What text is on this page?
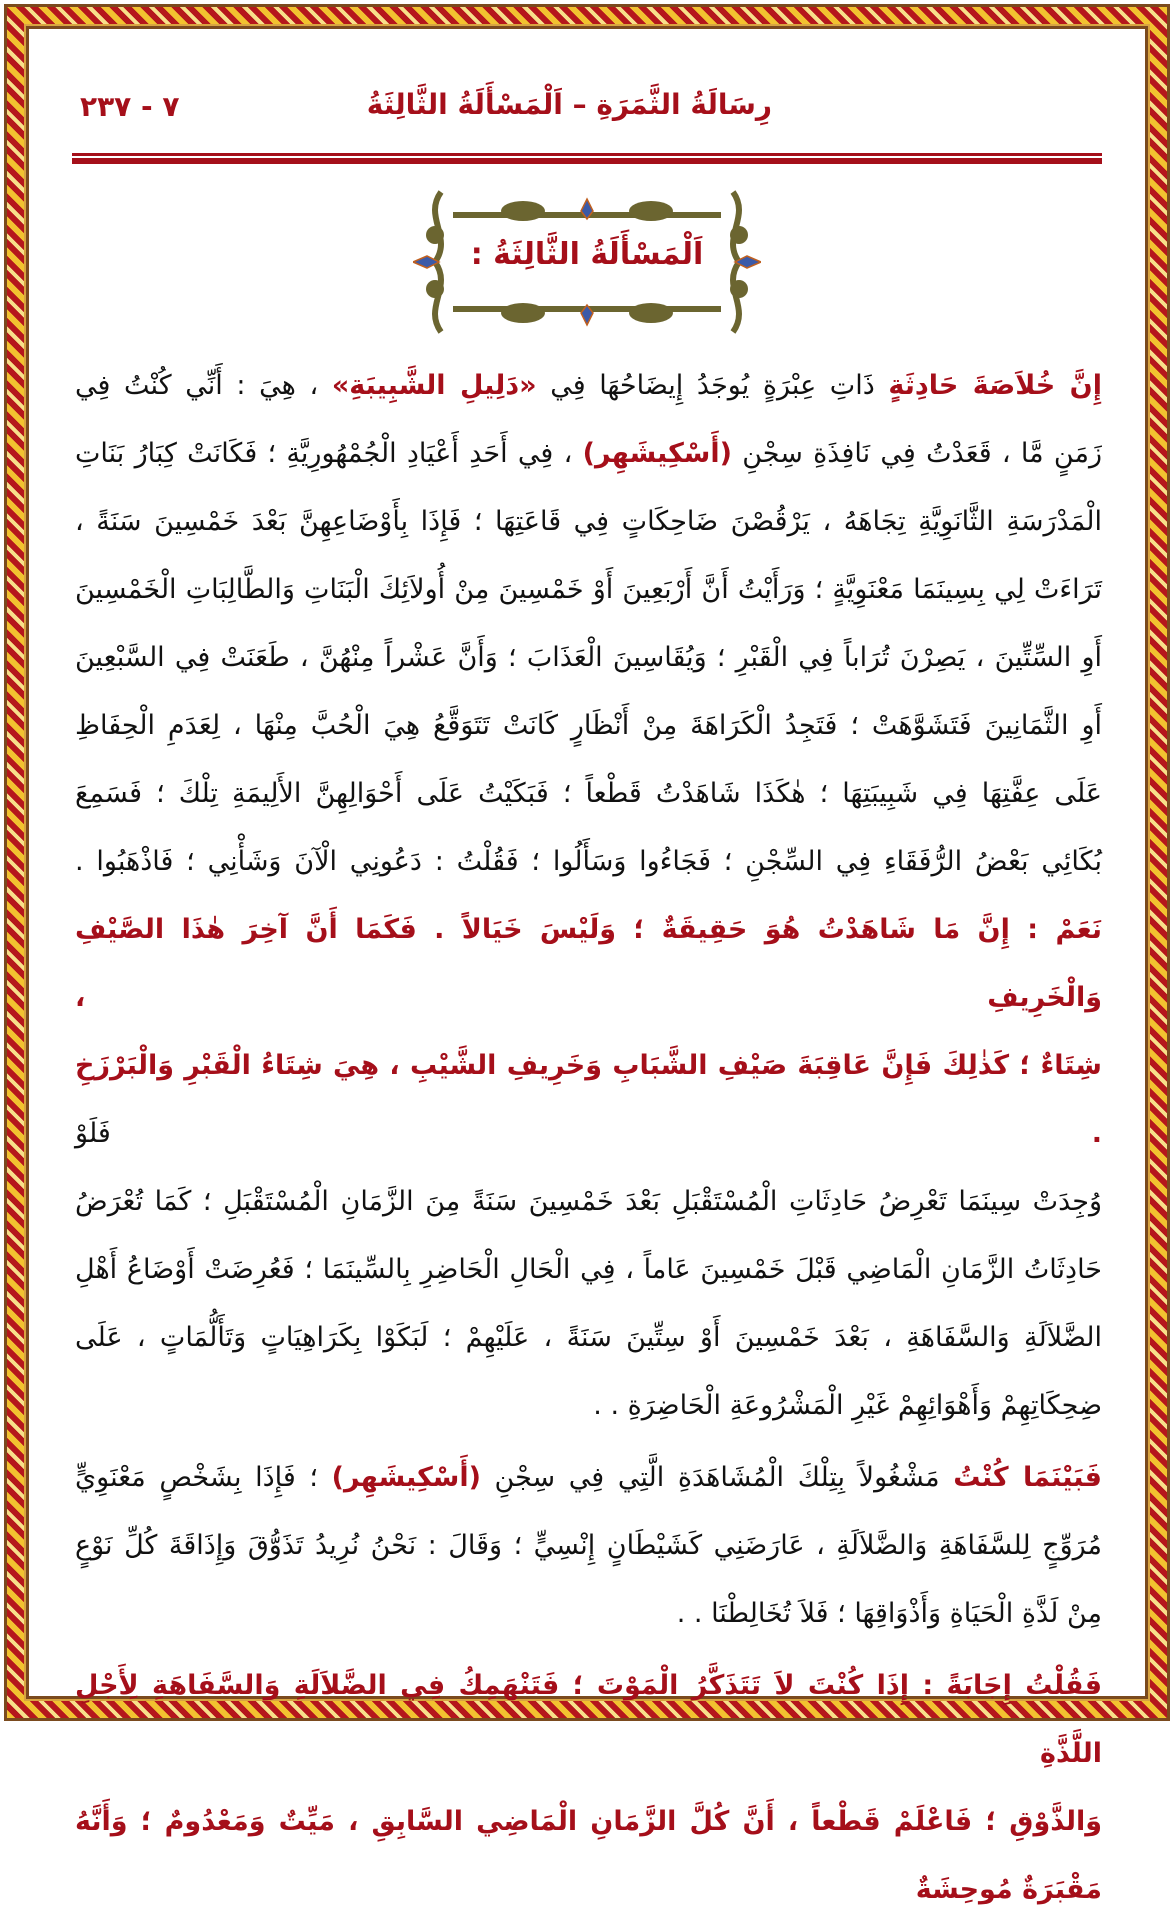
رِسَالَةُ الثَّمَرَةِ – اَلْمَسْأَلَةُ الثَّالِثَةُ
٧ - ٢٣٧
اَلْمَسْأَلَةُ الثَّالِثَةُ :
إِنَّ خُلاَصَةَ حَادِثَةٍ ذَاتِ عِبْرَةٍ يُوجَدُ إِيضَاحُهَا فِي «دَلِيلِ الشَّبِيبَةِ» ، هِيَ : أَنِّي كُنْتُ فِي
زَمَنٍ مَّا ، قَعَدْتُ فِي نَافِذَةِ سِجْنِ (أَسْكِيشَهِر) ، فِي أَحَدِ أَعْيَادِ الْجُمْهُورِيَّةِ ؛ فَكَانَتْ كِبَارُ بَنَاتِ
الْمَدْرَسَةِ الثَّانَوِيَّةِ تِجَاهَهُ ، يَرْقُصْنَ ضَاحِكَاتٍ فِي قَاعَتِهَا ؛ فَإِذَا بِأَوْضَاعِهِنَّ بَعْدَ خَمْسِينَ سَنَةً ،
تَرَاءَتْ لِي بِسِينَمَا مَعْنَوِيَّةٍ ؛ وَرَأَيْتُ أَنَّ أَرْبَعِينَ أَوْ خَمْسِينَ مِنْ أُولاَئِكَ الْبَنَاتِ وَالطَّالِبَاتِ الْخَمْسِينَ
أَوِ السِّتِّينَ ، يَصِرْنَ تُرَاباً فِي الْقَبْرِ ؛ وَيُقَاسِينَ الْعَذَابَ ؛ وَأَنَّ عَشْراً مِنْهُنَّ ، طَعَنَتْ فِي السَّبْعِينَ
أَوِ الثَّمَانِينَ فَتَشَوَّهَتْ ؛ فَتَجِدُ الْكَرَاهَةَ مِنْ أَنْظَارٍ كَانَتْ تَتَوَقَّعُ هِيَ الْحُبَّ مِنْهَا ، لِعَدَمِ الْحِفَاظِ
عَلَى عِفَّتِهَا فِي شَبِيبَتِهَا ؛ هٰكَذَا شَاهَدْتُ قَطْعاً ؛ فَبَكَيْتُ عَلَى أَحْوَالِهِنَّ الأَلِيمَةِ تِلْكَ ؛ فَسَمِعَ
بُكَائِي بَعْضُ الرُّفَقَاءِ فِي السِّجْنِ ؛ فَجَاءُوا وَسَأَلُوا ؛ فَقُلْتُ : دَعُونِي الْآنَ وَشَأْنِي ؛ فَاذْهَبُوا .
نَعَمْ : إِنَّ مَا شَاهَدْتُ هُوَ حَقِيقَةٌ ؛ وَلَيْسَ خَيَالاً . فَكَمَا أَنَّ آخِرَ هٰذَا الصَّيْفِ وَالْخَرِيفِ ،
شِتَاءٌ ؛ كَذٰلِكَ فَإِنَّ عَاقِبَةَ صَيْفِ الشَّبَابِ وَخَرِيفِ الشَّيْبِ ، هِيَ شِتَاءُ الْقَبْرِ وَالْبَرْزَخِ . فَلَوْ
وُجِدَتْ سِينَمَا تَعْرِضُ حَادِثَاتِ الْمُسْتَقْبَلِ بَعْدَ خَمْسِينَ سَنَةً مِنَ الزَّمَانِ الْمُسْتَقْبَلِ ؛ كَمَا تُعْرَضُ
حَادِثَاتُ الزَّمَانِ الْمَاضِي قَبْلَ خَمْسِينَ عَاماً ، فِي الْحَالِ الْحَاضِرِ بِالسِّينَمَا ؛ فَعُرِضَتْ أَوْضَاعُ أَهْلِ
الضَّلاَلَةِ وَالسَّفَاهَةِ ، بَعْدَ خَمْسِينَ أَوْ سِتِّينَ سَنَةً ، عَلَيْهِمْ ؛ لَبَكَوْا بِكَرَاهِيَاتٍ وَتَأَلُّمَاتٍ ، عَلَى
ضِحِكَاتِهِمْ وَأَهْوَائِهِمْ غَيْرِ الْمَشْرُوعَةِ الْحَاضِرَةِ . .
فَبَيْنَمَا كُنْتُ مَشْغُولاً بِتِلْكَ الْمُشَاهَدَةِ الَّتِي فِي سِجْنِ (أَسْكِيشَهِر) ؛ فَإِذَا بِشَخْصٍ مَعْنَوِيٍّ
مُرَوِّجٍ لِلسَّفَاهَةِ وَالضَّلاَلَةِ ، عَارَضَنِي كَشَيْطَانٍ إِنْسِيٍّ ؛ وَقَالَ : نَحْنُ نُرِيدُ تَذَوُّقَ وَإِذَاقَةَ كُلِّ نَوْعٍ
مِنْ لَذَّةِ الْحَيَاةِ وَأَذْوَاقِهَا ؛ فَلاَ تُخَالِطْنَا . .
فَقُلْتُ إِجَابَةً : إِذَا كُنْتَ لاَ تَتَذَكَّرُ الْمَوْتَ ؛ فَتَنْهَمِكُ فِي الضَّلاَلَةِ وَالسَّفَاهَةِ لِأَجْلِ اللَّذَّةِ
وَالذَّوْقِ ؛ فَاعْلَمْ قَطْعاً ، أَنَّ كُلَّ الزَّمَانِ الْمَاضِي السَّابِقِ ، مَيِّتٌ وَمَعْدُومٌ ؛ وَأَنَّهُ مَقْبَرَةٌ مُوحِشَةٌ
